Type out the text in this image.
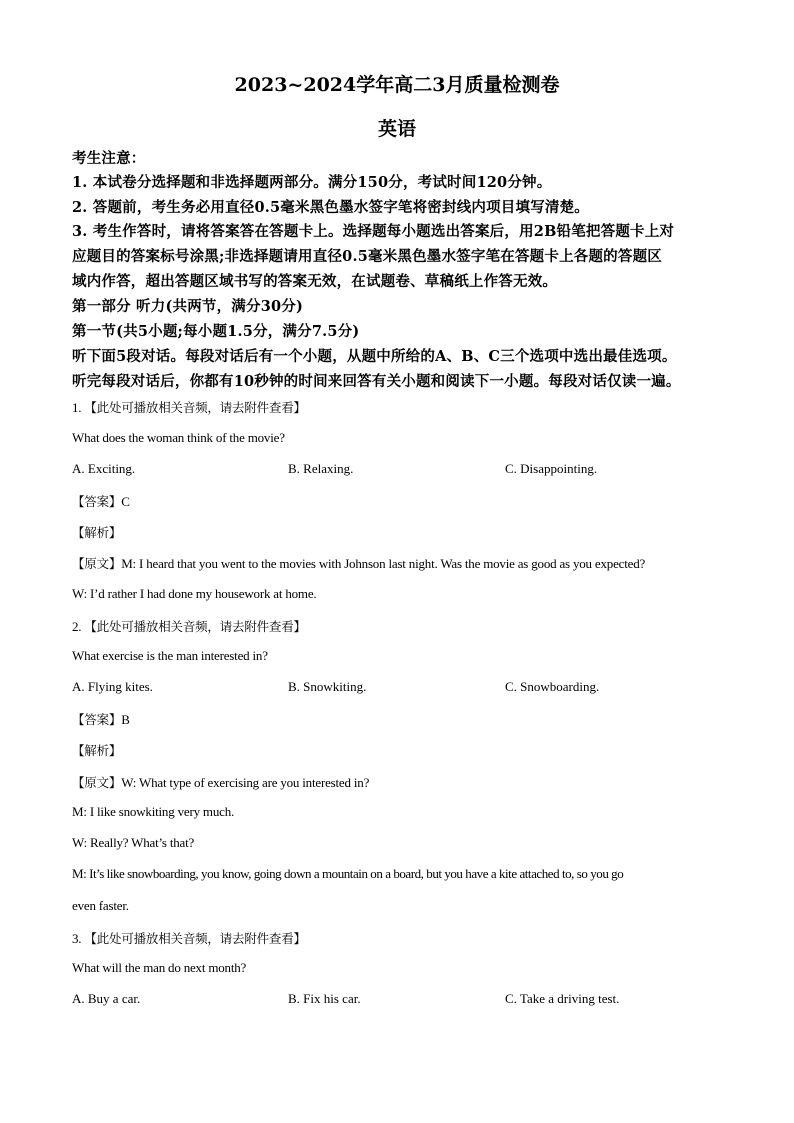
2023~2024学年高二3月质量检测卷
英语
考生注意：
1. 本试卷分选择题和非选择题两部分。满分150分，考试时间120分钟。
2. 答题前，考生务必用直径0.5毫米黑色墨水签字笔将密封线内项目填写清楚。
3. 考生作答时，请将答案答在答题卡上。选择题每小题选出答案后，用2B铅笔把答题卡上对
应题目的答案标号涂黑;非选择题请用直径0.5毫米黑色墨水签字笔在答题卡上各题的答题区
域内作答，超出答题区域书写的答案无效，在试题卷、草稿纸上作答无效。
第一部分 听力(共两节，满分30分)
第一节(共5小题;每小题1.5分，满分7.5分)
听下面5段对话。每段对话后有一个小题，从题中所给的A、B、C三个选项中选出最佳选项。
听完每段对话后，你都有10秒钟的时间来回答有关小题和阅读下一小题。每段对话仅读一遍。
1. 【此处可播放相关音频，请去附件查看】
What does the woman think of the movie?
A. Exciting.	B. Relaxing.	C. Disappointing.
【答案】C
【解析】
【原文】M: I heard that you went to the movies with Johnson last night. Was the movie as good as you expected?
W: I’d rather I had done my housework at home.
2. 【此处可播放相关音频，请去附件查看】
What exercise is the man interested in?
A. Flying kites.	B. Snowkiting.	C. Snowboarding.
【答案】B
【解析】
【原文】W: What type of exercising are you interested in?
M: I like snowkiting very much.
W: Really? What’s that?
M: It’s like snowboarding, you know, going down a mountain on a board, but you have a kite attached to, so you go
even faster.
3. 【此处可播放相关音频，请去附件查看】
What will the man do next month?
A. Buy a car.	B. Fix his car.	C. Take a driving test.
